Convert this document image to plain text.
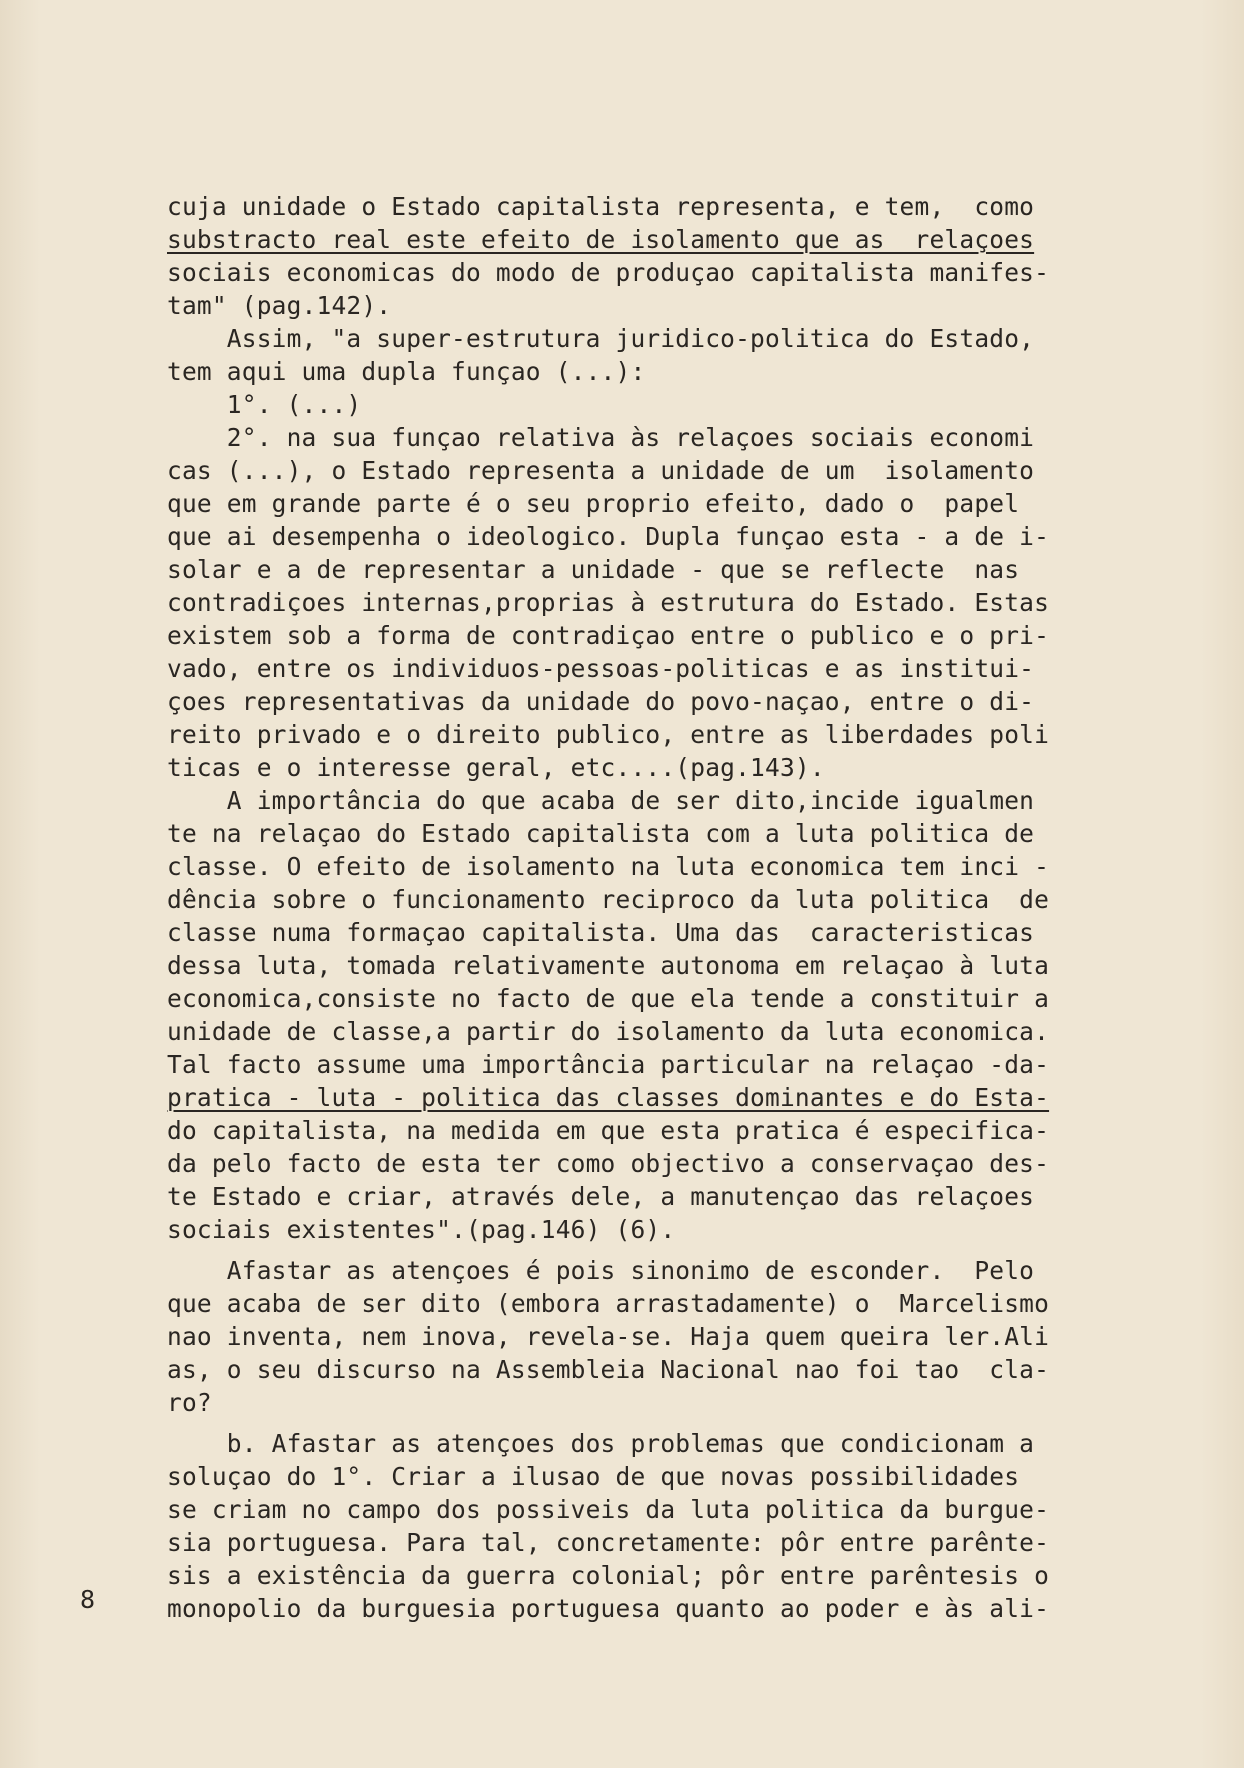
cuja unidade o Estado capitalista representa, e tem,  como
substracto real este efeito de isolamento que as  relaçoes
sociais economicas do modo de produçao capitalista manifes-
tam" (pag.142).
Assim, "a super-estrutura juridico-politica do Estado,
tem aqui uma dupla funçao (...):
1°. (...)
2°. na sua funçao relativa às relaçoes sociais economi
cas (...), o Estado representa a unidade de um  isolamento
que em grande parte é o seu proprio efeito, dado o  papel
que ai desempenha o ideologico. Dupla funçao esta - a de i-
solar e a de representar a unidade - que se reflecte  nas
contradiçoes internas,proprias à estrutura do Estado. Estas
existem sob a forma de contradiçao entre o publico e o pri-
vado, entre os individuos-pessoas-politicas e as institui-
çoes representativas da unidade do povo-naçao, entre o di-
reito privado e o direito publico, entre as liberdades poli
ticas e o interesse geral, etc....(pag.143).
A importância do que acaba de ser dito,incide igualmen
te na relaçao do Estado capitalista com a luta politica de
classe. O efeito de isolamento na luta economica tem inci -
dência sobre o funcionamento reciproco da luta politica  de
classe numa formaçao capitalista. Uma das  caracteristicas
dessa luta, tomada relativamente autonoma em relaçao à luta
economica,consiste no facto de que ela tende a constituir a
unidade de classe,a partir do isolamento da luta economica.
Tal facto assume uma importância particular na relaçao -da-
pratica - luta - politica das classes dominantes e do Esta-
do capitalista, na medida em que esta pratica é especifica-
da pelo facto de esta ter como objectivo a conservaçao des-
te Estado e criar, através dele, a manutençao das relaçoes
sociais existentes".(pag.146) (6).
Afastar as atençoes é pois sinonimo de esconder.  Pelo
que acaba de ser dito (embora arrastadamente) o  Marcelismo
nao inventa, nem inova, revela-se. Haja quem queira ler.Ali
as, o seu discurso na Assembleia Nacional nao foi tao  cla-
ro?
b. Afastar as atençoes dos problemas que condicionam a
soluçao do 1°. Criar a ilusao de que novas possibilidades
se criam no campo dos possiveis da luta politica da burgue-
sia portuguesa. Para tal, concretamente: pôr entre parênte-
sis a existência da guerra colonial; pôr entre parêntesis o
monopolio da burguesia portuguesa quanto ao poder e às ali-
8
